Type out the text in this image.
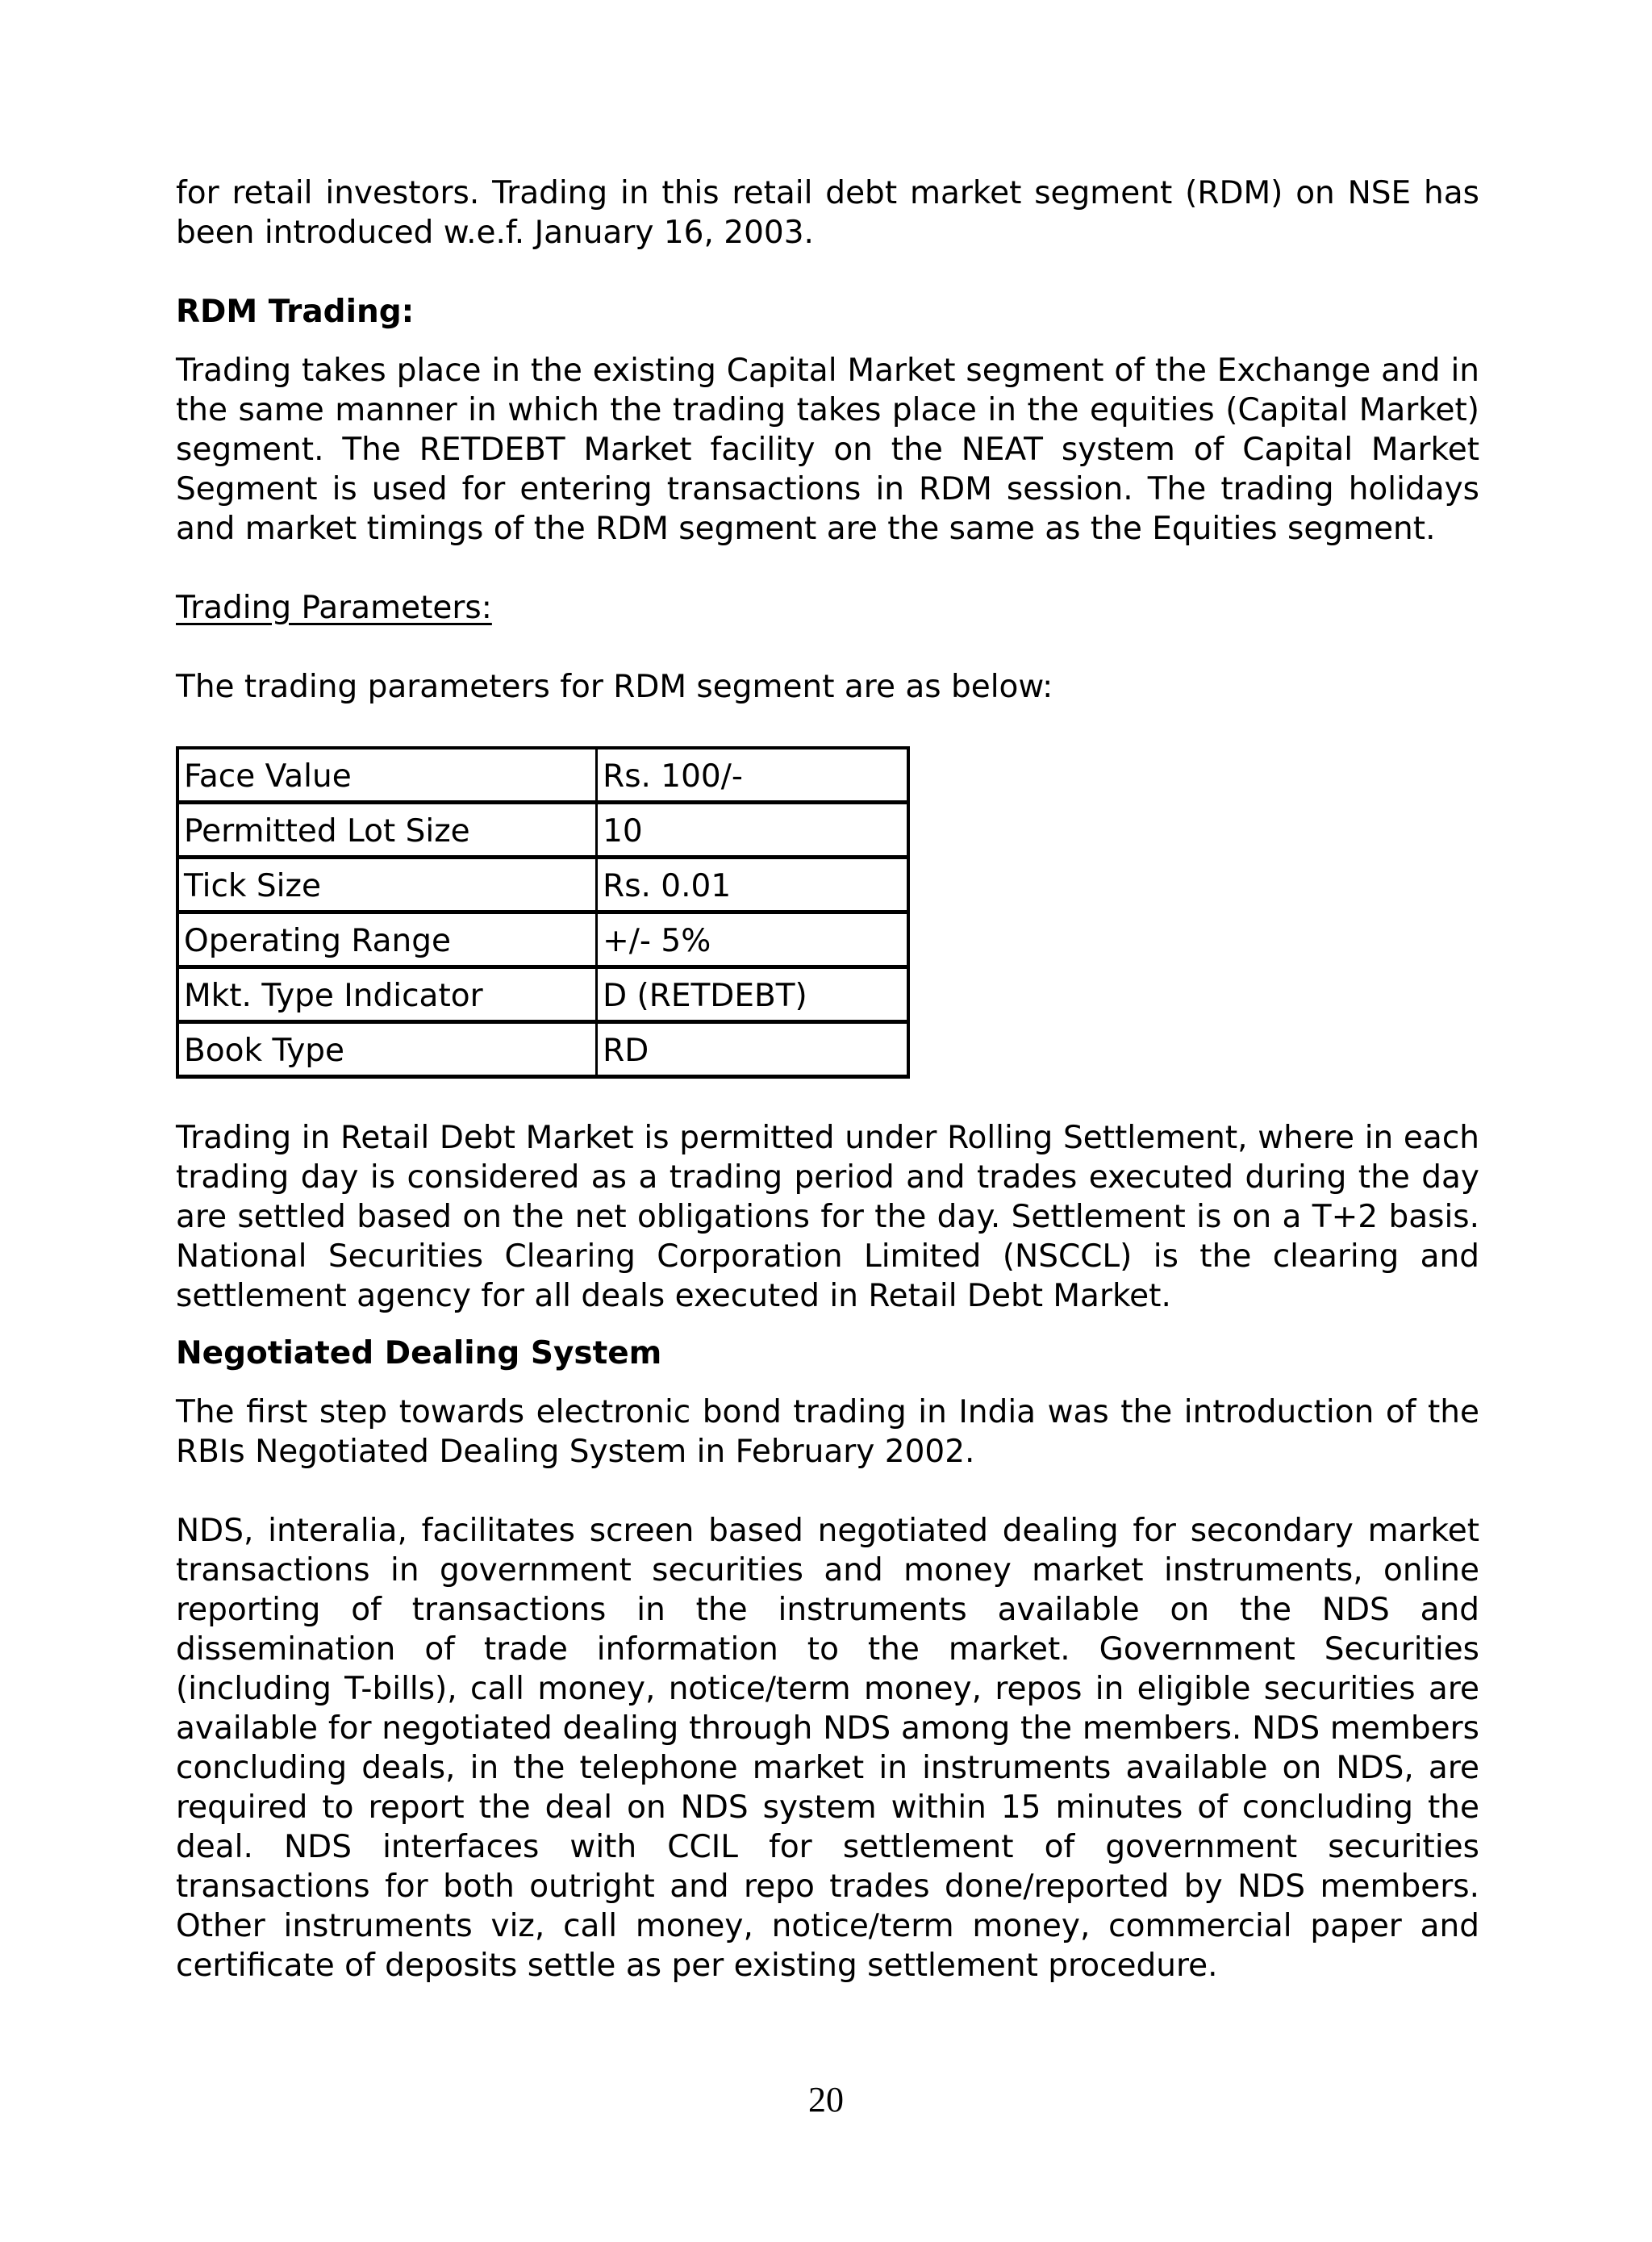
for retail investors. Trading in this retail debt market segment (RDM) on NSE has been introduced w.e.f. January 16, 2003.

RDM Trading:

Trading takes place in the existing Capital Market segment of the Exchange and in the same manner in which the trading takes place in the equities (Capital Market) segment. The RETDEBT Market facility on the NEAT system of Capital Market Segment is used for entering transactions in RDM session. The trading holidays and market timings of the RDM segment are the same as the Equities segment.

Trading Parameters:

The trading parameters for RDM segment are as below:

Face Value	Rs. 100/-
Permitted Lot Size	10
Tick Size	Rs. 0.01
Operating Range	+/- 5%
Mkt. Type Indicator	D (RETDEBT)
Book Type	RD

Trading in Retail Debt Market is permitted under Rolling Settlement, where in each trading day is considered as a trading period and trades executed during the day are settled based on the net obligations for the day. Settlement is on a T+2 basis. National Securities Clearing Corporation Limited (NSCCL) is the clearing and settlement agency for all deals executed in Retail Debt Market.

Negotiated Dealing System

The first step towards electronic bond trading in India was the introduction of the RBIs Negotiated Dealing System in February 2002.

NDS, interalia, facilitates screen based negotiated dealing for secondary market transactions in government securities and money market instruments, online reporting of transactions in the instruments available on the NDS and dissemination of trade information to the market. Government Securities (including T-bills), call money, notice/term money, repos in eligible securities are available for negotiated dealing through NDS among the members. NDS members concluding deals, in the telephone market in instruments available on NDS, are required to report the deal on NDS system within 15 minutes of concluding the deal. NDS interfaces with CCIL for settlement of government securities transactions for both outright and repo trades done/reported by NDS members. Other instruments viz, call money, notice/term money, commercial paper and certificate of deposits settle as per existing settlement procedure.

20
